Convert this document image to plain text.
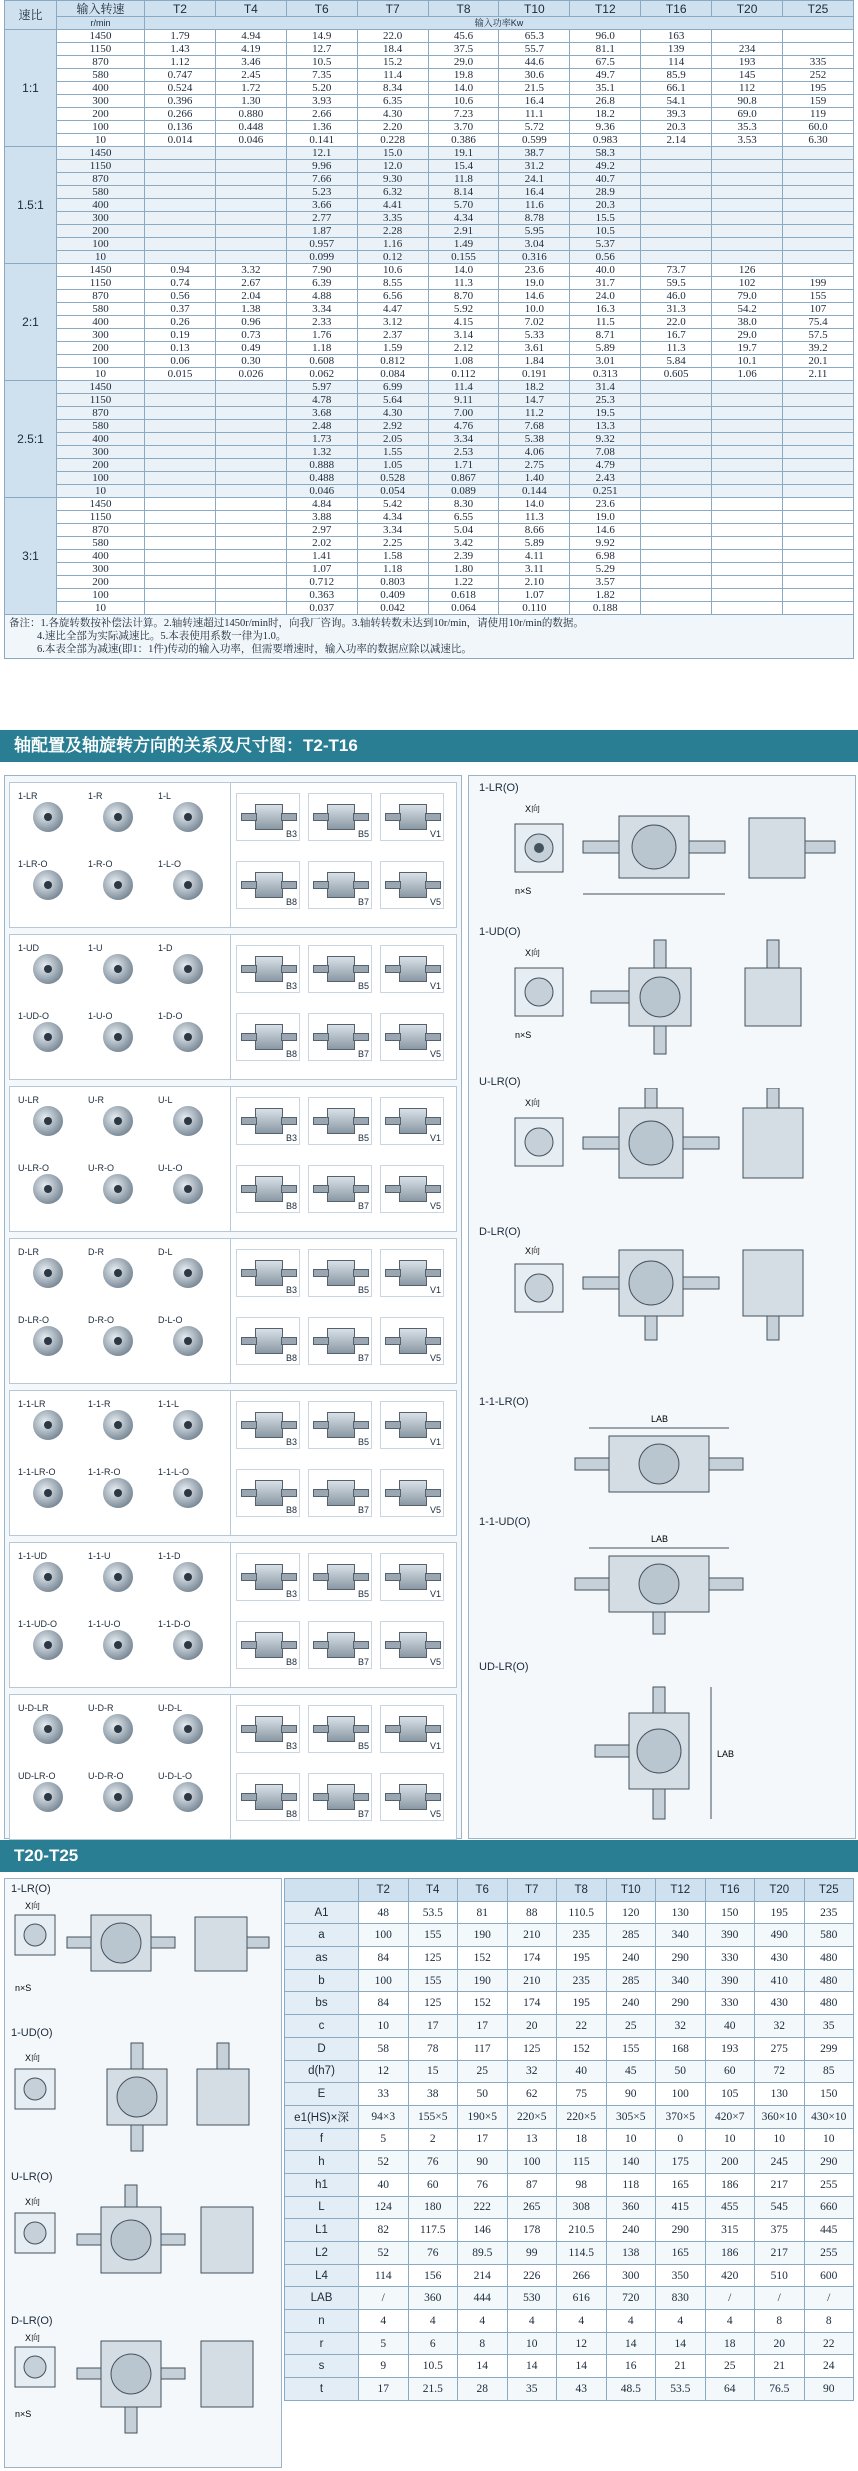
速比	输入转速	T2	T4	T6	T7	T8	T10	T12	T16	T20	T25
	r/min	输入功率Kw									
1:1	1450	1.79	4.94	14.9	22.0	45.6	65.3	96.0	163		
	1150	1.43	4.19	12.7	18.4	37.5	55.7	81.1	139	234	
	870	1.12	3.46	10.5	15.2	29.0	44.6	67.5	114	193	335
	580	0.747	2.45	7.35	11.4	19.8	30.6	49.7	85.9	145	252
	400	0.524	1.72	5.20	8.34	14.0	21.5	35.1	66.1	112	195
	300	0.396	1.30	3.93	6.35	10.6	16.4	26.8	54.1	90.8	159
	200	0.266	0.880	2.66	4.30	7.23	11.1	18.2	39.3	69.0	119
	100	0.136	0.448	1.36	2.20	3.70	5.72	9.36	20.3	35.3	60.0
	10	0.014	0.046	0.141	0.228	0.386	0.599	0.983	2.14	3.53	6.30
1.5:1	1450			12.1	15.0	19.1	38.7	58.3			
	1150			9.96	12.0	15.4	31.2	49.2			
	870			7.66	9.30	11.8	24.1	40.7			
	580			5.23	6.32	8.14	16.4	28.9			
	400			3.66	4.41	5.70	11.6	20.3			
	300			2.77	3.35	4.34	8.78	15.5			
	200			1.87	2.28	2.91	5.95	10.5			
	100			0.957	1.16	1.49	3.04	5.37			
	10			0.099	0.12	0.155	0.316	0.56			
2:1	1450	0.94	3.32	7.90	10.6	14.0	23.6	40.0	73.7	126	
	1150	0.74	2.67	6.39	8.55	11.3	19.0	31.7	59.5	102	199
	870	0.56	2.04	4.88	6.56	8.70	14.6	24.0	46.0	79.0	155
	580	0.37	1.38	3.34	4.47	5.92	10.0	16.3	31.3	54.2	107
	400	0.26	0.96	2.33	3.12	4.15	7.02	11.5	22.0	38.0	75.4
	300	0.19	0.73	1.76	2.37	3.14	5.33	8.71	16.7	29.0	57.5
	200	0.13	0.49	1.18	1.59	2.12	3.61	5.89	11.3	19.7	39.2
	100	0.06	0.30	0.608	0.812	1.08	1.84	3.01	5.84	10.1	20.1
	10	0.015	0.026	0.062	0.084	0.112	0.191	0.313	0.605	1.06	2.11
2.5:1	1450			5.97	6.99	11.4	18.2	31.4			
	1150			4.78	5.64	9.11	14.7	25.3			
	870			3.68	4.30	7.00	11.2	19.5			
	580			2.48	2.92	4.76	7.68	13.3			
	400			1.73	2.05	3.34	5.38	9.32			
	300			1.32	1.55	2.53	4.06	7.08			
	200			0.888	1.05	1.71	2.75	4.79			
	100			0.488	0.528	0.867	1.40	2.43			
	10			0.046	0.054	0.089	0.144	0.251			
3:1	1450			4.84	5.42	8.30	14.0	23.6			
	1150			3.88	4.34	6.55	11.3	19.0			
	870			2.97	3.34	5.04	8.66	14.6			
	580			2.02	2.25	3.42	5.89	9.92			
	400			1.41	1.58	2.39	4.11	6.98			
	300			1.07	1.18	1.80	3.11	5.29			
	200			0.712	0.803	1.22	2.10	3.57			
	100			0.363	0.409	0.618	1.07	1.82			
	10			0.037	0.042	0.064	0.110	0.188			
备注：1.各旋转数按补偿法计算。2.轴转速超过1450r/min时，向我厂咨询。3.轴转转数未达到10r/min，请使用10r/min的数据。
4.速比全部为实际减速比。5.本表使用系数一律为1.0。
6.本表全部为减速(即1：1件)传动的输入功率，但需要增速时，输入功率的数据应除以减速比。
轴配置及轴旋转方向的关系及尺寸图：T2-T16
1-LR	1-R	1-L
1-LR-O	1-R-O	1-L-O
B3	B5	V1
B8	B7	V5
1-UD	1-U	1-D
1-UD-O	1-U-O	1-D-O
B3	B5	V1
B8	B7	V5
U-LR	U-R	U-L
U-LR-O	U-R-O	U-L-O
B3	B5	V1
B8	B7	V5
D-LR	D-R	D-L
D-LR-O	D-R-O	D-L-O
B3	B5	V1
B8	B7	V5
1-1-LR	1-1-R	1-1-L
1-1-LR-O	1-1-R-O	1-1-L-O
B3	B5	V1
B8	B7	V5
1-1-UD	1-1-U	1-1-D
1-1-UD-O	1-1-U-O	1-1-D-O
B3	B5	V1
B8	B7	V5
U-D-LR	U-D-R	U-D-L
UD-LR-O	U-D-R-O	U-D-L-O
B3	B5	V1
B8	B7	V5
1-LR(O)
X向
n×S
1-UD(O)
X向
n×S
U-LR(O)
X向
D-LR(O)
X向
1-1-LR(O)
LAB
1-1-UD(O)
LAB
UD-LR(O)
LAB
T20-T25
1-LR(O)
X向
n×S
1-UD(O)
X向
U-LR(O)
X向
D-LR(O)
X向
n×S
	T2	T4	T6	T7	T8	T10	T12	T16	T20	T25
A1	48	53.5	81	88	110.5	120	130	150	195	235
a	100	155	190	210	235	285	340	390	490	580
as	84	125	152	174	195	240	290	330	430	480
b	100	155	190	210	235	285	340	390	410	480
bs	84	125	152	174	195	240	290	330	430	480
c	10	17	17	20	22	25	32	40	32	35
D	58	78	117	125	152	155	168	193	275	299
d(h7)	12	15	25	32	40	45	50	60	72	85
E	33	38	50	62	75	90	100	105	130	150
e1(HS)×深	94×3	155×5	190×5	220×5	220×5	305×5	370×5	420×7	360×10	430×10
f	5	2	17	13	18	10	0	10	10	10
h	52	76	90	100	115	140	175	200	245	290
h1	40	60	76	87	98	118	165	186	217	255
L	124	180	222	265	308	360	415	455	545	660
L1	82	117.5	146	178	210.5	240	290	315	375	445
L2	52	76	89.5	99	114.5	138	165	186	217	255
L4	114	156	214	226	266	300	350	420	510	600
LAB	/	360	444	530	616	720	830	/	/	/
n	4	4	4	4	4	4	4	4	8	8
r	5	6	8	10	12	14	14	18	20	22
s	9	10.5	14	14	14	16	21	25	21	24
t	17	21.5	28	35	43	48.5	53.5	64	76.5	90
